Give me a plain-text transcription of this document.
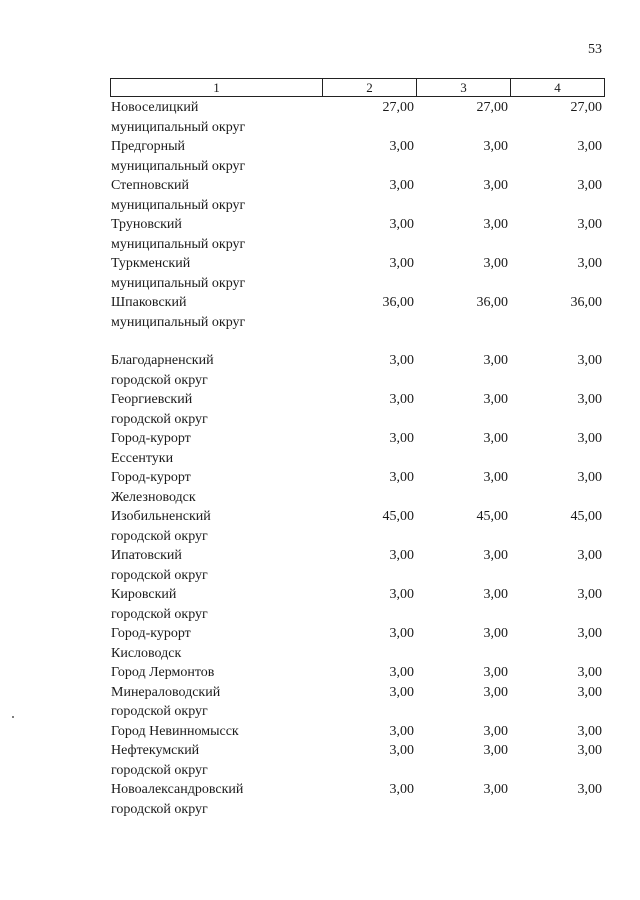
53
1	2	3	4
Новоселицкий
муниципальный округ
27,00	27,00	27,00
Предгорный
муниципальный округ
3,00	3,00	3,00
Степновский
муниципальный округ
3,00	3,00	3,00
Труновский
муниципальный округ
3,00	3,00	3,00
Туркменский
муниципальный округ
3,00	3,00	3,00
Шпаковский
муниципальный округ
36,00	36,00	36,00
Благодарненский
городской округ
3,00	3,00	3,00
Георгиевский
городской округ
3,00	3,00	3,00
Город-курорт
Ессентуки
3,00	3,00	3,00
Город-курорт
Железноводск
3,00	3,00	3,00
Изобильненский
городской округ
45,00	45,00	45,00
Ипатовский
городской округ
3,00	3,00	3,00
Кировский
городской округ
3,00	3,00	3,00
Город-курорт
Кисловодск
3,00	3,00	3,00
Город Лермонтов	3,00	3,00	3,00
Минераловодский
городской округ
3,00	3,00	3,00
Город Невинномысск	3,00	3,00	3,00
Нефтекумский
городской округ
3,00	3,00	3,00
Новоалександровский
городской округ
3,00	3,00	3,00
